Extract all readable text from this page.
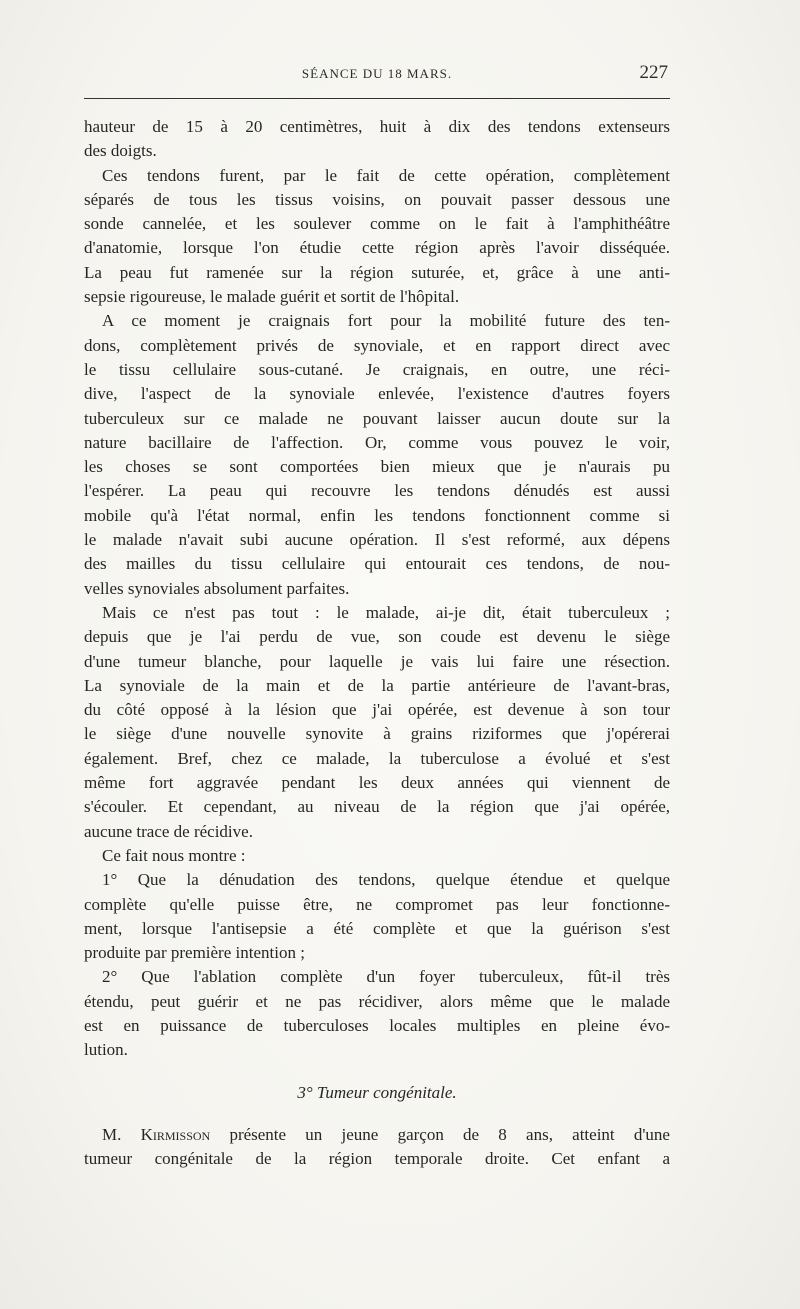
SÉANCE DU 18 MARS.	227
hauteur de 15 à 20 centimètres, huit à dix des tendons extenseurs
des doigts.
Ces tendons furent, par le fait de cette opération, complètement
séparés de tous les tissus voisins, on pouvait passer dessous une
sonde cannelée, et les soulever comme on le fait à l'amphithéâtre
d'anatomie, lorsque l'on étudie cette région après l'avoir disséquée.
La peau fut ramenée sur la région suturée, et, grâce à une anti-
sepsie rigoureuse, le malade guérit et sortit de l'hôpital.
A ce moment je craignais fort pour la mobilité future des ten-
dons, complètement privés de synoviale, et en rapport direct avec
le tissu cellulaire sous-cutané. Je craignais, en outre, une réci-
dive, l'aspect de la synoviale enlevée, l'existence d'autres foyers
tuberculeux sur ce malade ne pouvant laisser aucun doute sur la
nature bacillaire de l'affection. Or, comme vous pouvez le voir,
les choses se sont comportées bien mieux que je n'aurais pu
l'espérer. La peau qui recouvre les tendons dénudés est aussi
mobile qu'à l'état normal, enfin les tendons fonctionnent comme si
le malade n'avait subi aucune opération. Il s'est reformé, aux dépens
des mailles du tissu cellulaire qui entourait ces tendons, de nou-
velles synoviales absolument parfaites.
Mais ce n'est pas tout : le malade, ai-je dit, était tuberculeux ;
depuis que je l'ai perdu de vue, son coude est devenu le siège
d'une tumeur blanche, pour laquelle je vais lui faire une résection.
La synoviale de la main et de la partie antérieure de l'avant-bras,
du côté opposé à la lésion que j'ai opérée, est devenue à son tour
le siège d'une nouvelle synovite à grains riziformes que j'opérerai
également. Bref, chez ce malade, la tuberculose a évolué et s'est
même fort aggravée pendant les deux années qui viennent de
s'écouler. Et cependant, au niveau de la région que j'ai opérée,
aucune trace de récidive.
Ce fait nous montre :
1° Que la dénudation des tendons, quelque étendue et quelque
complète qu'elle puisse être, ne compromet pas leur fonctionne-
ment, lorsque l'antisepsie a été complète et que la guérison s'est
produite par première intention ;
2° Que l'ablation complète d'un foyer tuberculeux, fût-il très
étendu, peut guérir et ne pas récidiver, alors même que le malade
est en puissance de tuberculoses locales multiples en pleine évo-
lution.
3° Tumeur congénitale.
M. Kirmisson présente un jeune garçon de 8 ans, atteint d'une
tumeur congénitale de la région temporale droite. Cet enfant a
